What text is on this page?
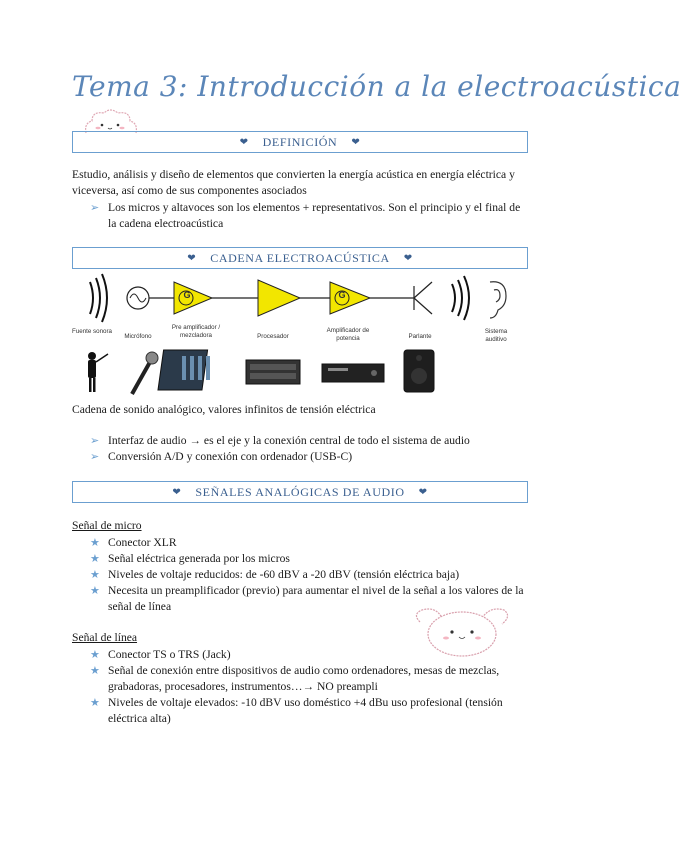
Tema 3: Introducción a la electroacústica
❤ DEFINICIÓN ❤

Estudio, análisis y diseño de elementos que convierten la energía acústica en energía eléctrica y viceversa, así como de sus componentes asociados

➢ Los micros y altavoces son los elementos + representativos. Son el principio y el final de la cadena electroacústica
❤ CADENA ELECTROACÚSTICA ❤
Fuente sonora
Micrófono
Pre amplificador / mezcladora	Procesador
Amplificador de potencia	Parlante
Sistema auditivo
G	G

Cadena de sonido analógico, valores infinitos de tensión eléctrica

➢ Interfaz de audio → es el eje y la conexión central de todo el sistema de audio
➢ Conversión A/D y conexión con ordenador (USB-C)
❤ SEÑALES ANALÓGICAS DE AUDIO ❤
Señal de micro
★ Conector XLR
★ Señal eléctrica generada por los micros
★ Niveles de voltaje reducidos: de -60 dBV a -20 dBV (tensión eléctrica baja)
★ Necesita un preamplificador (previo) para aumentar el nivel de la señal a los valores de la señal de línea
Señal de línea
★ Conector TS o TRS (Jack)
★ Señal de conexión entre dispositivos de audio como ordenadores, mesas de mezclas, grabadoras, procesadores, instrumentos…→ NO preampli
★ Niveles de voltaje elevados: -10 dBV uso doméstico +4 dBu uso profesional (tensión eléctrica alta)
